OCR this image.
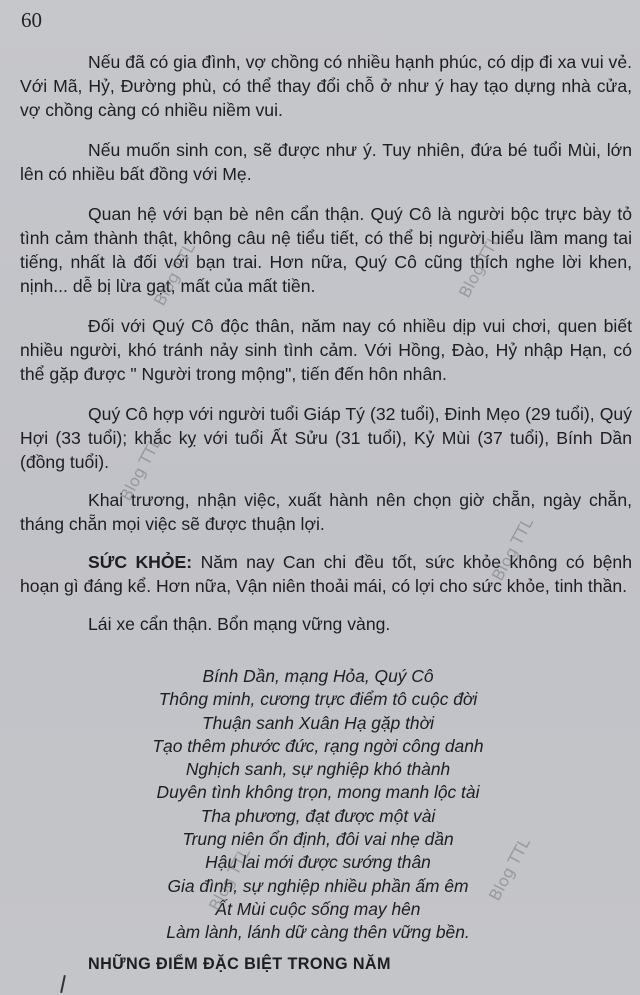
60

Nếu đã có gia đình, vợ chồng có nhiều hạnh phúc, có dịp đi xa vui vẻ. Với Mã, Hỷ, Đường phù, có thể thay đổi chỗ ở như ý hay tạo dựng nhà cửa, vợ chồng càng có nhiều niềm vui.

Nếu muốn sinh con, sẽ được như ý. Tuy nhiên, đứa bé tuổi Mùi, lớn lên có nhiều bất đồng với Mẹ.

Quan hệ với bạn bè nên cẩn thận. Quý Cô là người bộc trực bày tỏ tình cảm thành thật, không câu nệ tiểu tiết, có thể bị người hiểu lầm mang tai tiếng, nhất là đối với bạn trai. Hơn nữa, Quý Cô cũng thích nghe lời khen, nịnh... dễ bị lừa gạt, mất của mất tiền.

Đối với Quý Cô độc thân, năm nay có nhiều dịp vui chơi, quen biết nhiều người, khó tránh nảy sinh tình cảm. Với Hồng, Đào, Hỷ nhập Hạn, có thể gặp được " Người trong mộng", tiến đến hôn nhân.

Quý Cô hợp với người tuổi Giáp Tý (32 tuổi), Đinh Mẹo (29 tuổi), Quý Hợi (33 tuổi); khắc kỵ với tuổi Ất Sửu (31 tuổi), Kỷ Mùi (37 tuổi), Bính Dần (đồng tuổi).

Khai trương, nhận việc, xuất hành nên chọn giờ chẵn, ngày chẵn, tháng chẵn mọi việc sẽ được thuận lợi.

SỨC KHỎE: Năm nay Can chi đều tốt, sức khỏe không có bệnh hoạn gì đáng kể. Hơn nữa, Vận niên thoải mái, có lợi cho sức khỏe, tinh thần.

Lái xe cẩn thận. Bổn mạng vững vàng.

Bính Dần, mạng Hỏa, Quý Cô
Thông minh, cương trực điểm tô cuộc đời
Thuận sanh Xuân Hạ gặp thời
Tạo thêm phước đức, rạng ngời công danh
Nghịch sanh, sự nghiệp khó thành
Duyên tình không trọn, mong manh lộc tài
Tha phương, đạt được một vài
Trung niên ổn định, đôi vai nhẹ dần
Hậu lai mới được sướng thân
Gia đình, sự nghiệp nhiều phần ấm êm
Ất Mùi cuộc sống may hên
Làm lành, lánh dữ càng thên vững bền.
NHỮNG ĐIỂM ĐẶC BIỆT TRONG NĂM
Blog TTL	Blog TTL
Blog TTL
Blog TTL
Blog TTL	Blog TTL
